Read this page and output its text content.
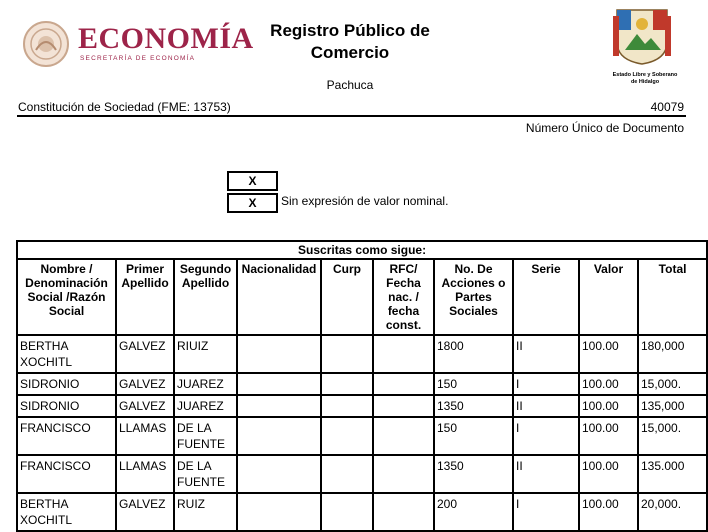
ECONOMÍA
SECRETARÍA DE ECONOMÍA
Registro Público de
Comercio
Pachuca
Estado Libre y Soberano
de Hidalgo
Constitución de Sociedad (FME: 13753)	40079
Número Único de Documento
X
X	Sin expresión de valor nominal.
Suscritas como sigue:									
Nombre / Denominación Social /Razón Social	Primer Apellido	Segundo Apellido	Nacionalidad	Curp	RFC/ Fecha nac. / fecha const.	No. De Acciones o Partes Sociales	Serie	Valor	Total
BERTHA XOCHITL	GALVEZ	RIUIZ				1800	II	100.00	180,000
SIDRONIO	GALVEZ	JUAREZ				150	I	100.00	15,000.
SIDRONIO	GALVEZ	JUAREZ				1350	II	100.00	135,000
FRANCISCO	LLAMAS	DE LA FUENTE				150	I	100.00	15,000.
FRANCISCO	LLAMAS	DE LA FUENTE				1350	II	100.00	135.000
BERTHA XOCHITL	GALVEZ	RUIZ				200	I	100.00	20,000.
